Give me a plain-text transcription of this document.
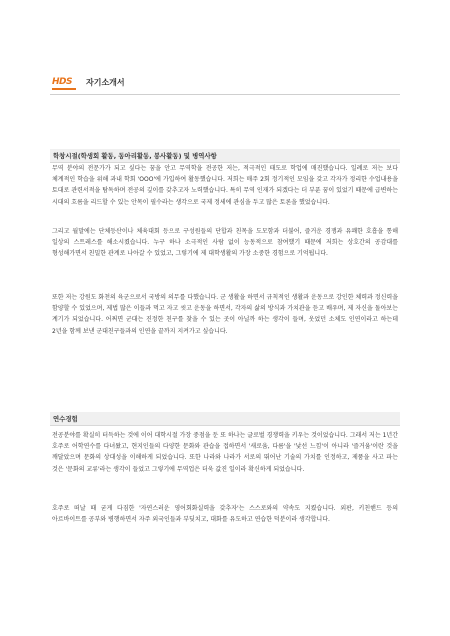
HDS	자기소개서
학창시절(학생회 활동, 동아리활동, 봉사활동) 및 병역사항

무역 분야의 전문가가 되고 싶다는 꿈을 안고 무역학을 전공한 저는, 적극적인 태도로 학업에 매진했습니다. 일례로 저는 보다 체계적인 학습을 위해 과내 학회 'OOO'에 가입하여 활동했습니다. 저희는 매주 2회 정기적인 모임을 갖고 각자가 정리한 수업내용을 토대로 관련서적을 탐독하며 전공의 깊이를 갖추고자 노력했습니다. 특히 무역 인재가 되겠다는 더 부푼 꿈이 있었기 때문에 급변하는 시대의 흐름을 리드할 수 있는 안목이 필수라는 생각으로 국제 정세에 관심을 두고 많은 토론을 했었습니다.

그리고 월말에는 단체등산이나 체육대회 등으로 구성원들의 단합과 친목을 도모함과 더불어, 즐거운 경쟁과 유쾌한 호흡을 통해 일상의 스트레스를 해소시켰습니다. 누구 하나 소극적인 사람 없이 능동적으로 참여했기 때문에 저희는 상호간의 공감대를 형성해가면서 친밀한 관계로 나아갈 수 있었고, 그렇기에 제 대학생활의 가장 소중한 경험으로 기억됩니다.

또한 저는 강원도 화천의 육군으로서 국방의 의무를 다했습니다. 군 생활을 하면서 규칙적인 생활과 운동으로 강인한 체력과 정신력을 함양할 수 있었으며, 제법 많은 이들과 먹고 자고 씻고 운동을 하면서, 각자의 삶의 방식과 가치관을 듣고 배우며, 제 자신을 돌아보는 계기가 되었습니다. 어쩌면 군대는 진정한 친구를 찾을 수 있는 곳이 아닐까 하는 생각이 들며, 웃었던 소체도 인연이라고 하는데 2년을 함께 보낸 군대친구들과의 인연을 끝까지 지켜가고 싶습니다.

연수경험

전공분야를 확실히 터득하는 것에 이어 대학시절 가장 중점을 둔 또 하나는 글로벌 경쟁력을 키우는 것이었습니다. 그래서 저는 1년간 호주로 어학연수를 다녀왔고, 현지인들의 다양한 문화와 관습을 접하면서 '새로움, 다름'을 '낯선 느낌'이 아니라 '즐거움'이란 것을 깨달았으며 문화의 상대성을 이해하게 되었습니다. 또한 나라와 나라가 서로의 뛰어난 기술의 가치를 인정하고, 제품을 사고 파는 것은 '문화의 교류'라는 생각이 들었고 그렇기에 무역업은 더욱 값진 일이라 확신하게 되었습니다.

호주로 떠날 때 굳게 다짐한 '자연스러운 영어회화실력을 갖추자'는 스스로와의 약속도 지켰습니다. 외판, 키친핸드 등의 아르바이트를 공부와 병행하면서 자주 외국인들과 부딪치고, 대화를 유도하고 연습한 덕분이라 생각합니다.
